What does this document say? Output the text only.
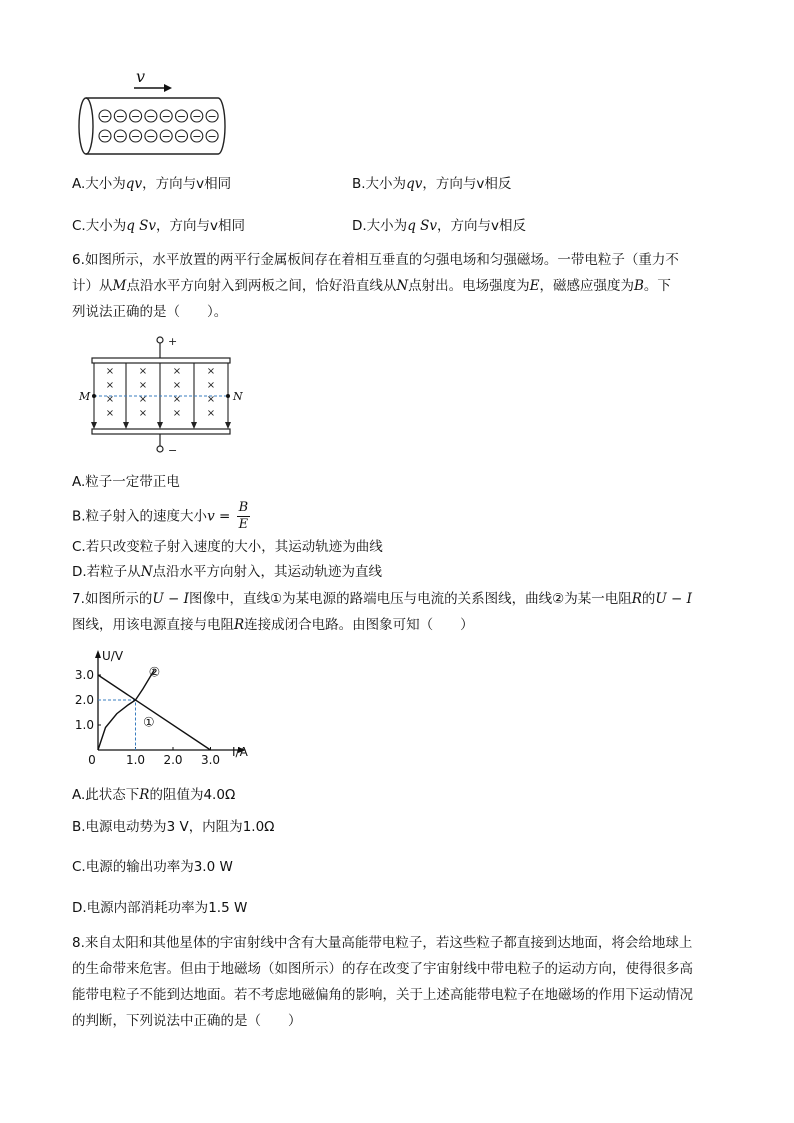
v
− − − − − − − −
− − − − − − − −
A.大小为qv，方向与v相同	B.大小为qv，方向与v相反
C.大小为q Sv，方向与v相同	D.大小为q Sv，方向与v相反
6.如图所示，水平放置的两平行金属板间存在着相互垂直的匀强电场和匀强磁场。一带电粒子（重力不
计）从M点沿水平方向射入到两板之间，恰好沿直线从N点射出。电场强度为E，磁感应强度为B。下
列说法正确的是（　　）。
+
−
×
×
×
×
×
×
×
×
×
×
×
×
×
×
×
×
M	N
A.粒子一定带正电
B.粒子射入的速度大小$v = \frac{B}{E}$
C.若只改变粒子射入速度的大小，其运动轨迹为曲线
D.若粒子从N点沿水平方向射入，其运动轨迹为直线
7.如图所示的U − I图像中，直线①为某电源的路端电压与电流的关系图线，曲线②为某一电阻R的U − I
图线，用该电源直接与电阻R连接成闭合电路。由图象可知（　　）
U/V
I/A
0	1.0 2.0 3.0
1.0
2.0
3.0
①
②
A.此状态下R的阻值为4.0Ω
B.电源电动势为3 V，内阻为1.0Ω
C.电源的输出功率为3.0 W
D.电源内部消耗功率为1.5 W
8.来自太阳和其他星体的宇宙射线中含有大量高能带电粒子，若这些粒子都直接到达地面，将会给地球上
的生命带来危害。但由于地磁场（如图所示）的存在改变了宇宙射线中带电粒子的运动方向，使得很多高
能带电粒子不能到达地面。若不考虑地磁偏角的影响，关于上述高能带电粒子在地磁场的作用下运动情况
的判断，下列说法中正确的是（　　）
